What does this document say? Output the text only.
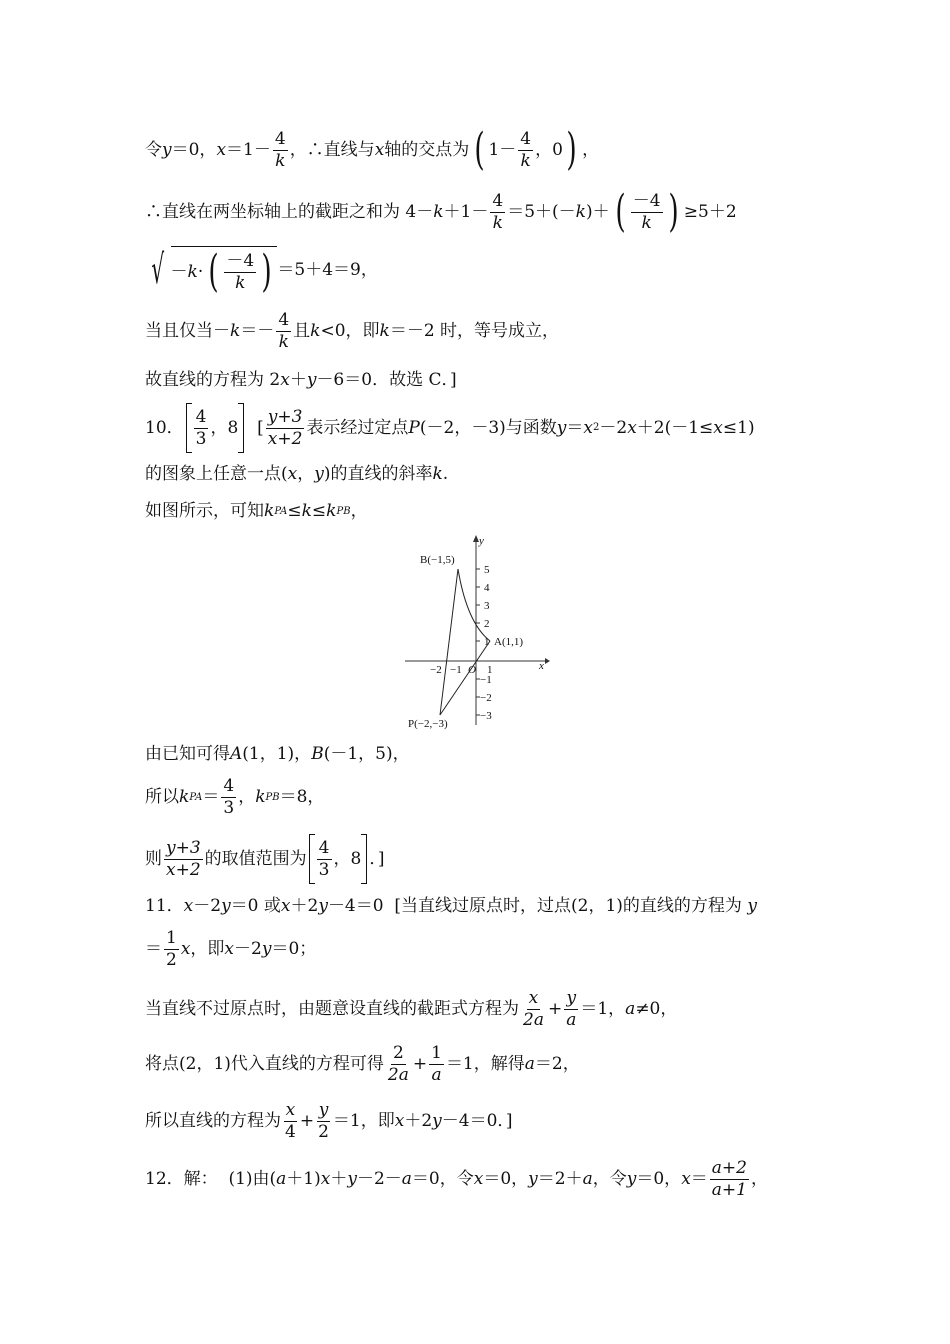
令 y ＝0， $x =1- \frac{4}{k}$ ，∴直线与 x 轴的交点为 ( $1- \frac{4}{k}$ ，0 ) ，
∴直线在两坐标轴上的截距之和为 $4- k +1- \frac{4}{k} =5+(- k$ )＋ ( $\frac{-4}{k}$ ) ≥5＋2
√ － k · ( $\frac{-4}{k}$ ) ＝5＋4＝9，
当且仅当－ $k =- \frac{4}{k}$ 且 k <0，即 k ＝－2 时，等号成立，
故直线的方程为 2 x ＋ y －6＝0．故选 C．]
10． $\frac{4}{3}$ ，8 [ $\frac{y+3}{x+2}$ 表示经过定点 P (－2，－3)与函数 y ＝ x 2 －2 x ＋2(－1≤ x ≤1)
的图象上任意一点( x ， y )的直线的斜率 k .
如图所示，可知 k PA ≤ k ≤ k PB ，
y
x
5
4
3
2
1
−1
−2
−3
−2 −1 1
O
B(−1,5)
A(1,1)
P(−2,−3)
由已知可得 A (1，1)， B (－1，5)，
所以 k PA ＝ $\frac{4}{3}$ ， k PB ＝8，
则 $\frac{y+3}{x+2}$ 的取值范围为 $\frac{4}{3}$ ，8 ．]
11． x －2 y ＝0 或 x ＋2 y －4＝0  [当直线过原点时，过点(2，1)的直线的方程为 y
＝ $\frac{1}{2}$ x ，即 x －2 y ＝0；
当直线不过原点时，由题意设直线的截距式方程为 $\frac{x}{2a} + \frac{y}{a} =1$， a ≠0，
将点(2，1)代入直线的方程可得 $\frac{2}{2a} + \frac{1}{a} =1$，解得 a ＝2，
所以直线的方程为 $\frac{x}{4} + \frac{y}{2} =1$，即 x ＋2 y －4＝0．]
12．解：  (1)由( a ＋1) x ＋ y －2－ a ＝0，令 x ＝0， y ＝2＋ a ，令 y ＝0， $x = \frac{a+2}{a+1}$ ，
